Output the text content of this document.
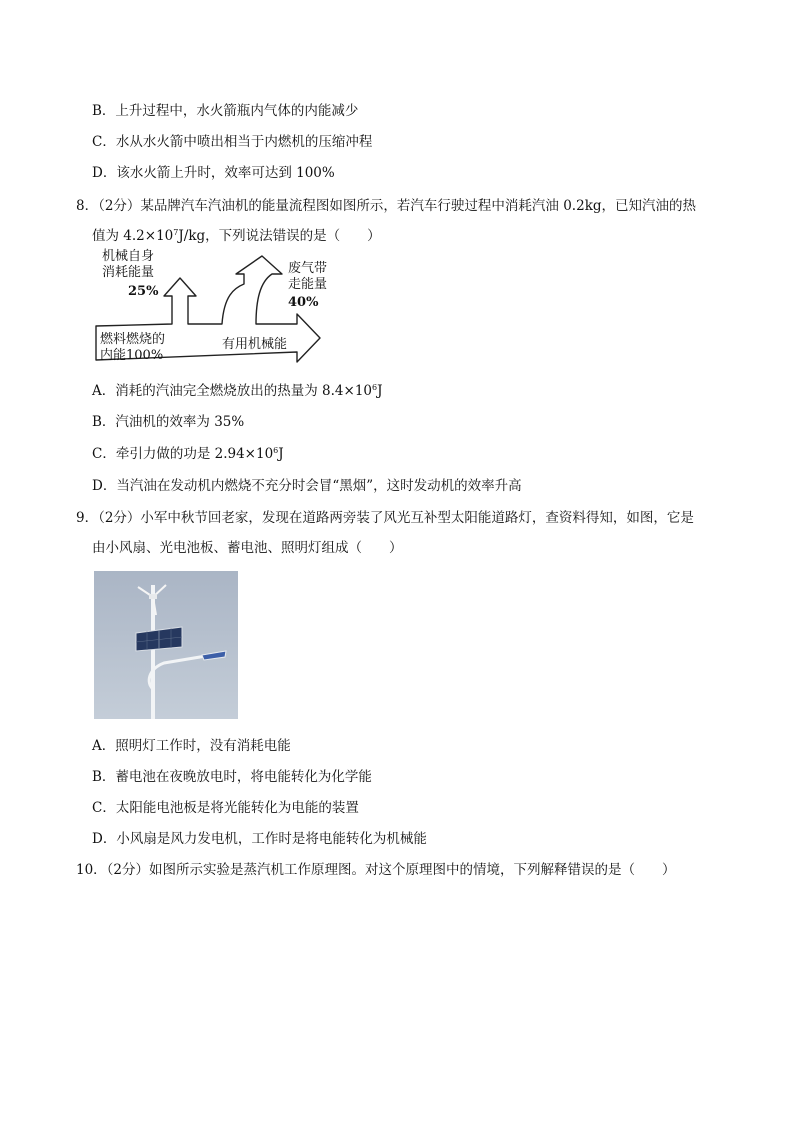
B．上升过程中，水火箭瓶内气体的内能减少
C．水从水火箭中喷出相当于内燃机的压缩冲程
D．该水火箭上升时，效率可达到 100%
8．（2分）某品牌汽车汽油机的能量流程图如图所示，若汽车行驶过程中消耗汽油 0.2kg，已知汽油的热
值为 $4.2\times 10^7J/kg$，下列说法错误的是（　　）
燃料燃烧的
内能100%
机械自身
消耗能量
25%
废气带
走能量
40%
有用机械能
A．消耗的汽油完全燃烧放出的热量为 $8.4\times 10^6J$
B．汽油机的效率为 35%
C．牵引力做的功是 $2.94\times 10^6J$
D．当汽油在发动机内燃烧不充分时会冒“黑烟”，这时发动机的效率升高
9．（2分）小军中秋节回老家，发现在道路两旁装了风光互补型太阳能道路灯，查资料得知，如图，它是
由小风扇、光电池板、蓄电池、照明灯组成（　　）
A．照明灯工作时，没有消耗电能
B．蓄电池在夜晚放电时，将电能转化为化学能
C．太阳能电池板是将光能转化为电能的装置
D．小风扇是风力发电机，工作时是将电能转化为机械能
10．（2分）如图所示实验是蒸汽机工作原理图。对这个原理图中的情境，下列解释错误的是（　　）
